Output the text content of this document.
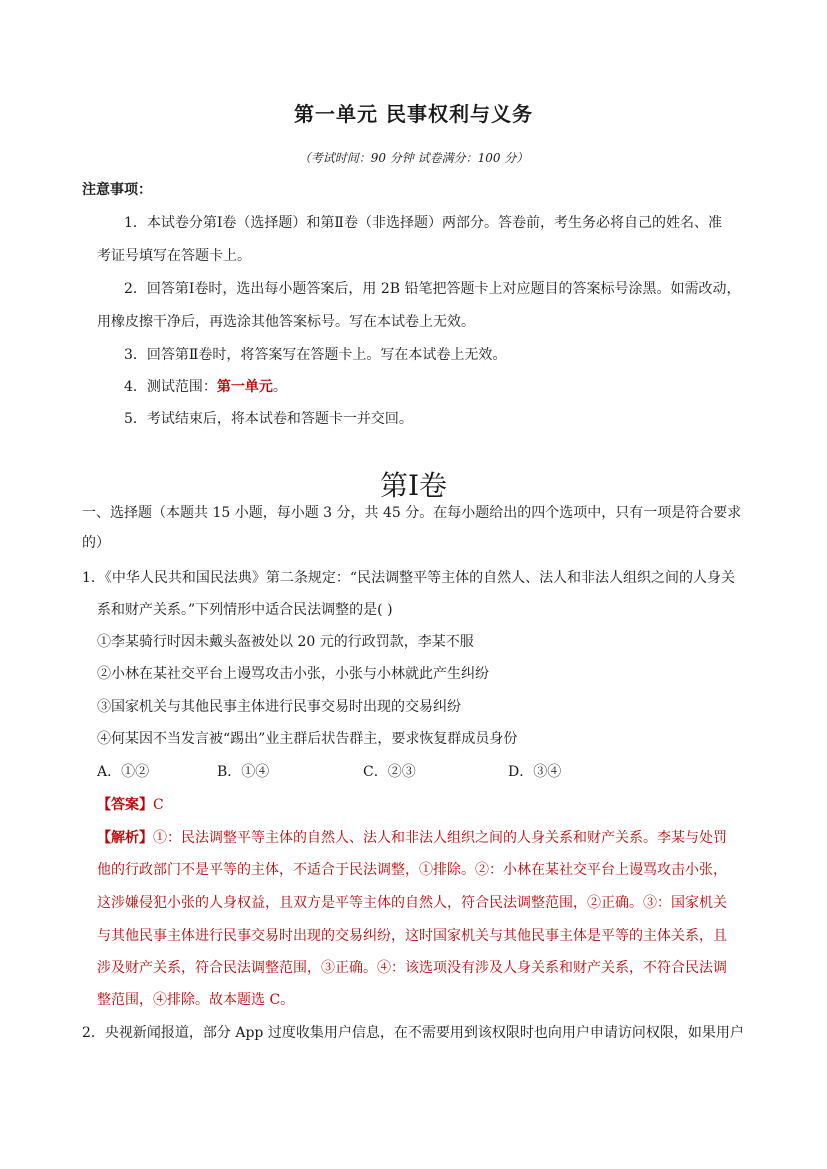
第一单元 民事权利与义务
（考试时间：90 分钟 试卷满分：100 分）
注意事项：
1．本试卷分第Ⅰ卷（选择题）和第Ⅱ卷（非选择题）两部分。答卷前，考生务必将自己的姓名、准
考证号填写在答题卡上。
2．回答第Ⅰ卷时，选出每小题答案后，用 2B 铅笔把答题卡上对应题目的答案标号涂黑。如需改动，
用橡皮擦干净后，再选涂其他答案标号。写在本试卷上无效。
3．回答第Ⅱ卷时，将答案写在答题卡上。写在本试卷上无效。
4．测试范围：第一单元。
5．考试结束后，将本试卷和答题卡一并交回。
第Ⅰ卷
一、选择题（本题共 15 小题，每小题 3 分，共 45 分。在每小题给出的四个选项中，只有一项是符合要求
的）
1．《中华人民共和国民法典》第二条规定：“民法调整平等主体的自然人、法人和非法人组织之间的人身关
系和财产关系。”下列情形中适合民法调整的是( )
①李某骑行时因未戴头盔被处以 20 元的行政罚款，李某不服
②小林在某社交平台上谩骂攻击小张，小张与小林就此产生纠纷
③国家机关与其他民事主体进行民事交易时出现的交易纠纷
④何某因不当发言被“踢出”业主群后状告群主，要求恢复群成员身份
A．①②	B．①④	C．②③	D．③④
【答案】C
【解析】①：民法调整平等主体的自然人、法人和非法人组织之间的人身关系和财产关系。李某与处罚
他的行政部门不是平等的主体，不适合于民法调整，①排除。②：小林在某社交平台上谩骂攻击小张，
这涉嫌侵犯小张的人身权益，且双方是平等主体的自然人，符合民法调整范围，②正确。③：国家机关
与其他民事主体进行民事交易时出现的交易纠纷，这时国家机关与其他民事主体是平等的主体关系，且
涉及财产关系，符合民法调整范围，③正确。④：该选项没有涉及人身关系和财产关系，不符合民法调
整范围，④排除。故本题选 C。
2．央视新闻报道，部分 App 过度收集用户信息，在不需要用到该权限时也向用户申请访问权限，如果用户
